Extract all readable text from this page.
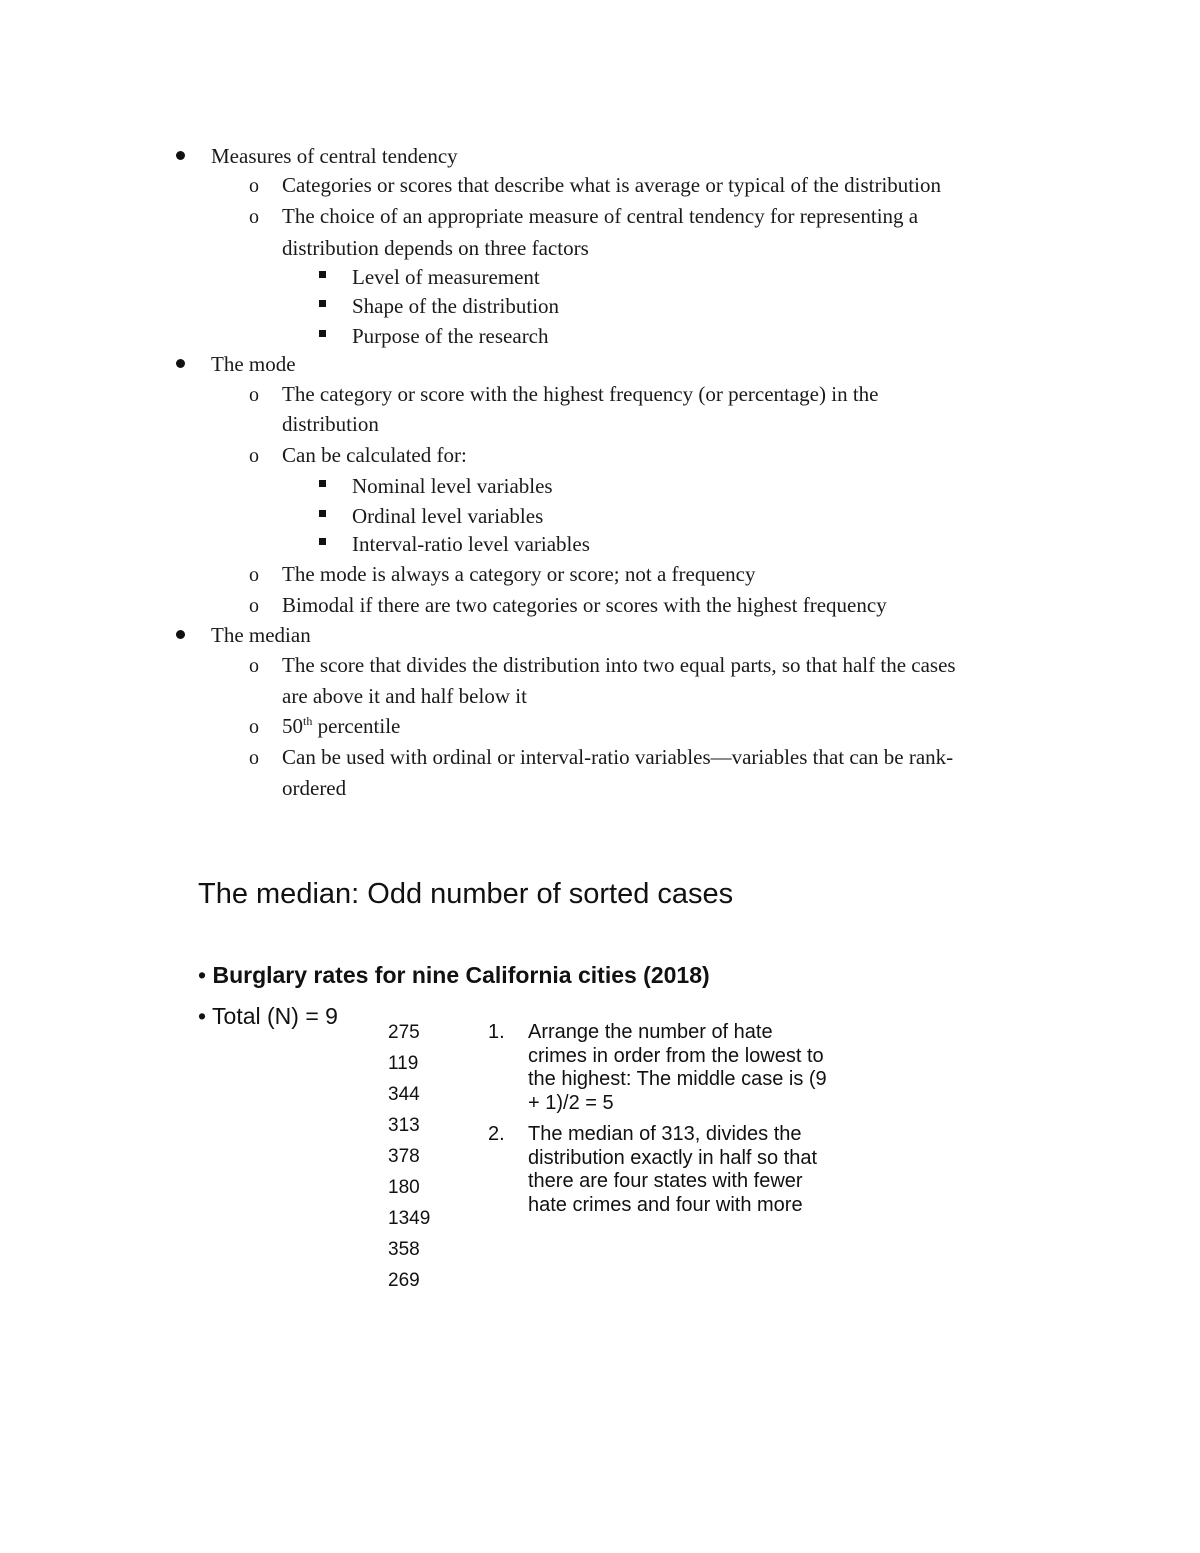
Measures of central tendency
o Categories or scores that describe what is average or typical of the distribution
o The choice of an appropriate measure of central tendency for representing a
distribution depends on three factors
Level of measurement
Shape of the distribution
Purpose of the research
The mode
o The category or score with the highest frequency (or percentage) in the
distribution
o Can be calculated for:
Nominal level variables
Ordinal level variables
Interval-ratio level variables
o The mode is always a category or score; not a frequency
o Bimodal if there are two categories or scores with the highest frequency
The median
o The score that divides the distribution into two equal parts, so that half the cases
are above it and half below it
o 50th percentile
o Can be used with ordinal or interval-ratio variables—variables that can be rank-
ordered
The median: Odd number of sorted cases
• Burglary rates for nine California cities (2018)
• Total (N) = 9
275
119
344
313
378
180
1349
358
269
1. Arrange the number of hate crimes in order from the lowest to the highest: The middle case is (9 + 1)/2 = 5
2. The median of 313, divides the distribution exactly in half so that there are four states with fewer hate crimes and four with more
